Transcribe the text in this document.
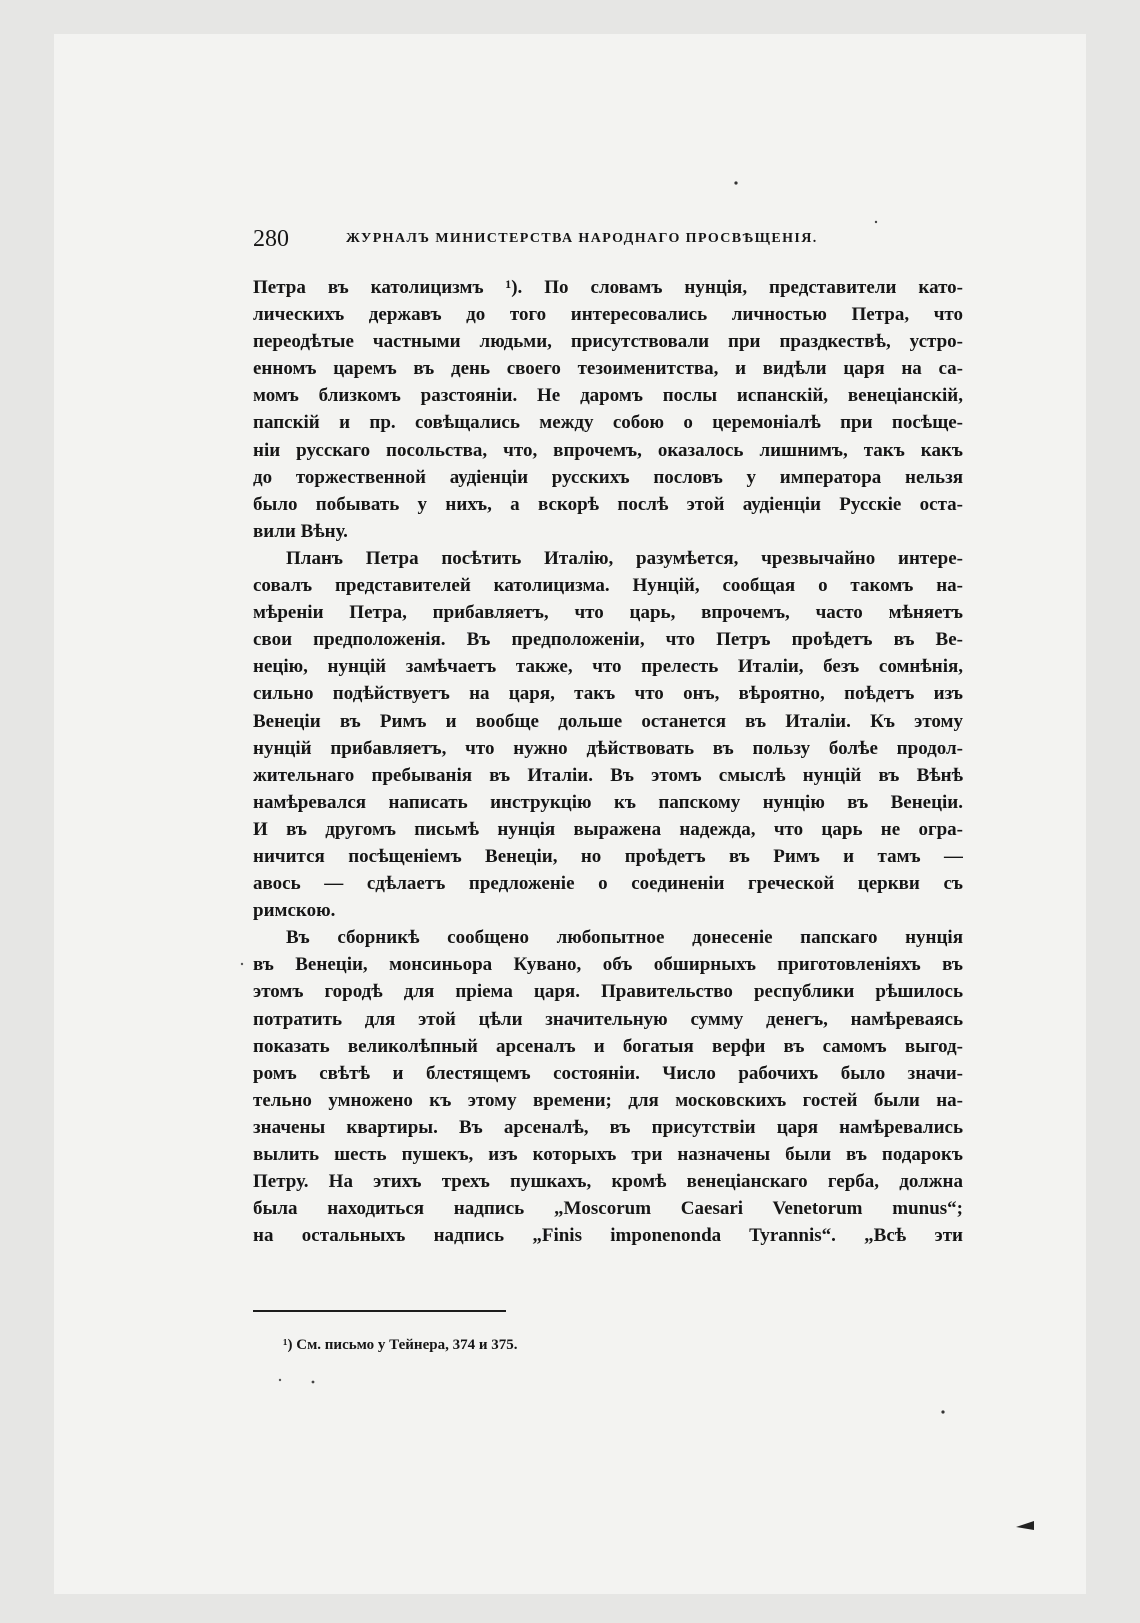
280	ЖУРНАЛЪ МИНИСТЕРСТВА НАРОДНАГО ПРОСВѢЩЕНІЯ.
Петра въ католицизмъ ¹). По словамъ нунція, представители като-
лическихъ державъ до того интересовались личностью Петра, что
переодѣтые частными людьми, присутствовали при праздкествѣ, устро-
енномъ царемъ въ день своего тезоименитства, и видѣли царя на са-
момъ близкомъ разстояніи. Не даромъ послы испанскій, венеціанскій,
папскій и пр. совѣщались между собою о церемоніалѣ при посѣще-
ніи русскаго посольства, что, впрочемъ, оказалось лишнимъ, такъ какъ
до торжественной аудіенціи русскихъ пословъ у императора нельзя
было побывать у нихъ, а вскорѣ послѣ этой аудіенціи Русскіе оста-
вили Вѣну.
Планъ Петра посѣтить Италію, разумѣется, чрезвычайно интере-
совалъ представителей католицизма. Нунцій, сообщая о такомъ на-
мѣреніи Петра, прибавляетъ, что царь, впрочемъ, часто мѣняетъ
свои предположенія. Въ предположеніи, что Петръ проѣдетъ въ Ве-
нецію, нунцій замѣчаетъ также, что прелесть Италіи, безъ сомнѣнія,
сильно подѣйствуетъ на царя, такъ что онъ, вѣроятно, поѣдетъ изъ
Венеціи въ Римъ и вообще дольше останется въ Италіи. Къ этому
нунцій прибавляетъ, что нужно дѣйствовать въ пользу болѣе продол-
жительнаго пребыванія въ Италіи. Въ этомъ смыслѣ нунцій въ Вѣнѣ
намѣревался написать инструкцію къ папскому нунцію въ Венеціи.
И въ другомъ письмѣ нунція выражена надежда, что царь не огра-
ничится посѣщеніемъ Венеціи, но проѣдетъ въ Римъ и тамъ —
авось — сдѣлаетъ предложеніе о соединеніи греческой церкви съ
римскою.
Въ сборникѣ сообщено любопытное донесеніе папскаго нунція
въ Венеціи, монсиньора Кувано, объ обширныхъ приготовленіяхъ въ
этомъ городѣ для пріема царя. Правительство республики рѣшилось
потратить для этой цѣли значительную сумму денегъ, намѣреваясь
показать великолѣпный арсеналъ и богатыя верфи въ самомъ выгод-
ромъ свѣтѣ и блестящемъ состояніи. Число рабочихъ было значи-
тельно умножено къ этому времени; для московскихъ гостей были на-
значены квартиры. Въ арсеналѣ, въ присутствіи царя намѣревались
вылить шесть пушекъ, изъ которыхъ три назначены были въ подарокъ
Петру. На этихъ трехъ пушкахъ, кромѣ венеціанскаго герба, должна
была находиться надпись „Moscorum Caesari Venetorum munus“;
на остальныхъ надпись „Finis imponenonda Tyrannis“. „Всѣ эти
¹) См. письмо у Тейнера, 374 и 375.
